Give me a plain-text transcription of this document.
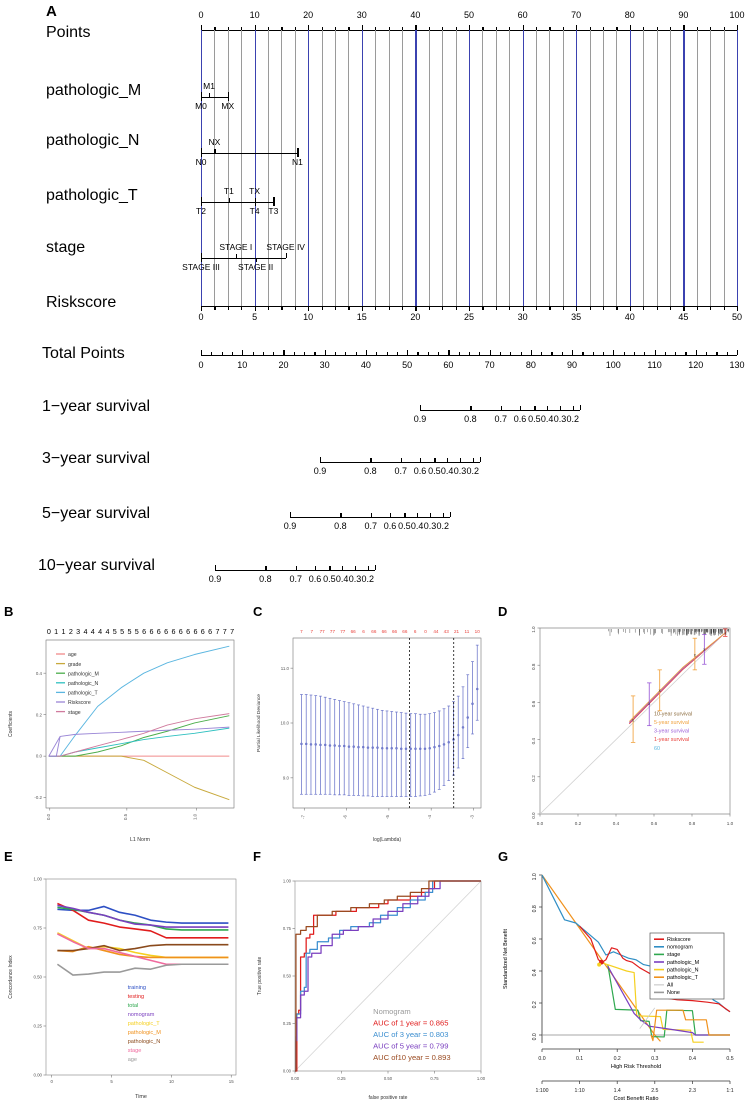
A
Points
pathologic_M
pathologic_N
pathologic_T
stage
Riskscore
Total Points
1−year survival
3−year survival
5−year survival
10−year survival
0	10	20	30	40	50	60	70	80	90	100
M0
M1
MX
N0
NX
N1
T2
T1 TX
T4 T3
STAGE III
STAGE I
STAGE II
STAGE IV
0	5	10	15	20	25	30	35	40	45	50
0	10	20	30	40	50	60	70	80	90	100	110	120	130
0.9	0.8 0.7 0.6 0.5 0.4 0.3 0.2
0.9	0.8 0.7 0.6 0.5 0.4 0.3 0.2
0.9	0.8 0.7 0.6 0.5 0.4 0.3 0.2
0.9	0.8 0.7 0.6 0.5 0.4 0.3 0.2
B
0.4
0.2
0.0
-0.2
0.0	0.5	1.0
L1 Norm
Coefficients
0 1 1 2 3 4 4 4 4 5 5 5 5 6 6 6 6 6 6 6 6 6 6 7 7 7
age
grade
pathologic_M
pathologic_N
pathologic_T
Riskscore
stage
C
11.0
10.0
9.0
-7	-6	-5	-4	-3
log(Lambda)
Partial Likelihood Deviance
7 7 77 77 77 66 6 66 66 66 66 6 0 44 43 21 11 10
D
0.0
0.0
0.2
0.2
0.4
0.4
0.6
0.6
0.8
0.8
1.0
1.0
x
x
x
x
x
x
60
1-year survival
3-year survival
5-year survival
10-year survival
E
0.00
0.25
0.50
0.75
1.00
0	5	10	15
Time
Concordance Index	training
testing
total
nomogram
pathologic_T
pathologic_M
pathologic_N
stage
age
F
0.00
0.00
0.25
0.25
0.50
0.50
0.75
0.75
1.00
1.00
false positive rate
True positive rate
Nomogram
AUC of 1 year = 0.865
AUC of 3 year = 0.803
AUC of 5 year = 0.799
AUC of10 year = 0.893
G
0.0	0.1	0.2	0.3	0.4	0.5
0.0
0.2
0.4
0.6
0.8
1.0
High Risk Threshold
Standardized Net Benefit
1:100	1:10	1.4	2.5	2.3	1:1
Cost Benefit Ratio
Riskscore
nomogram
stage
pathologic_M
pathologic_N
pathologic_T
All
None
